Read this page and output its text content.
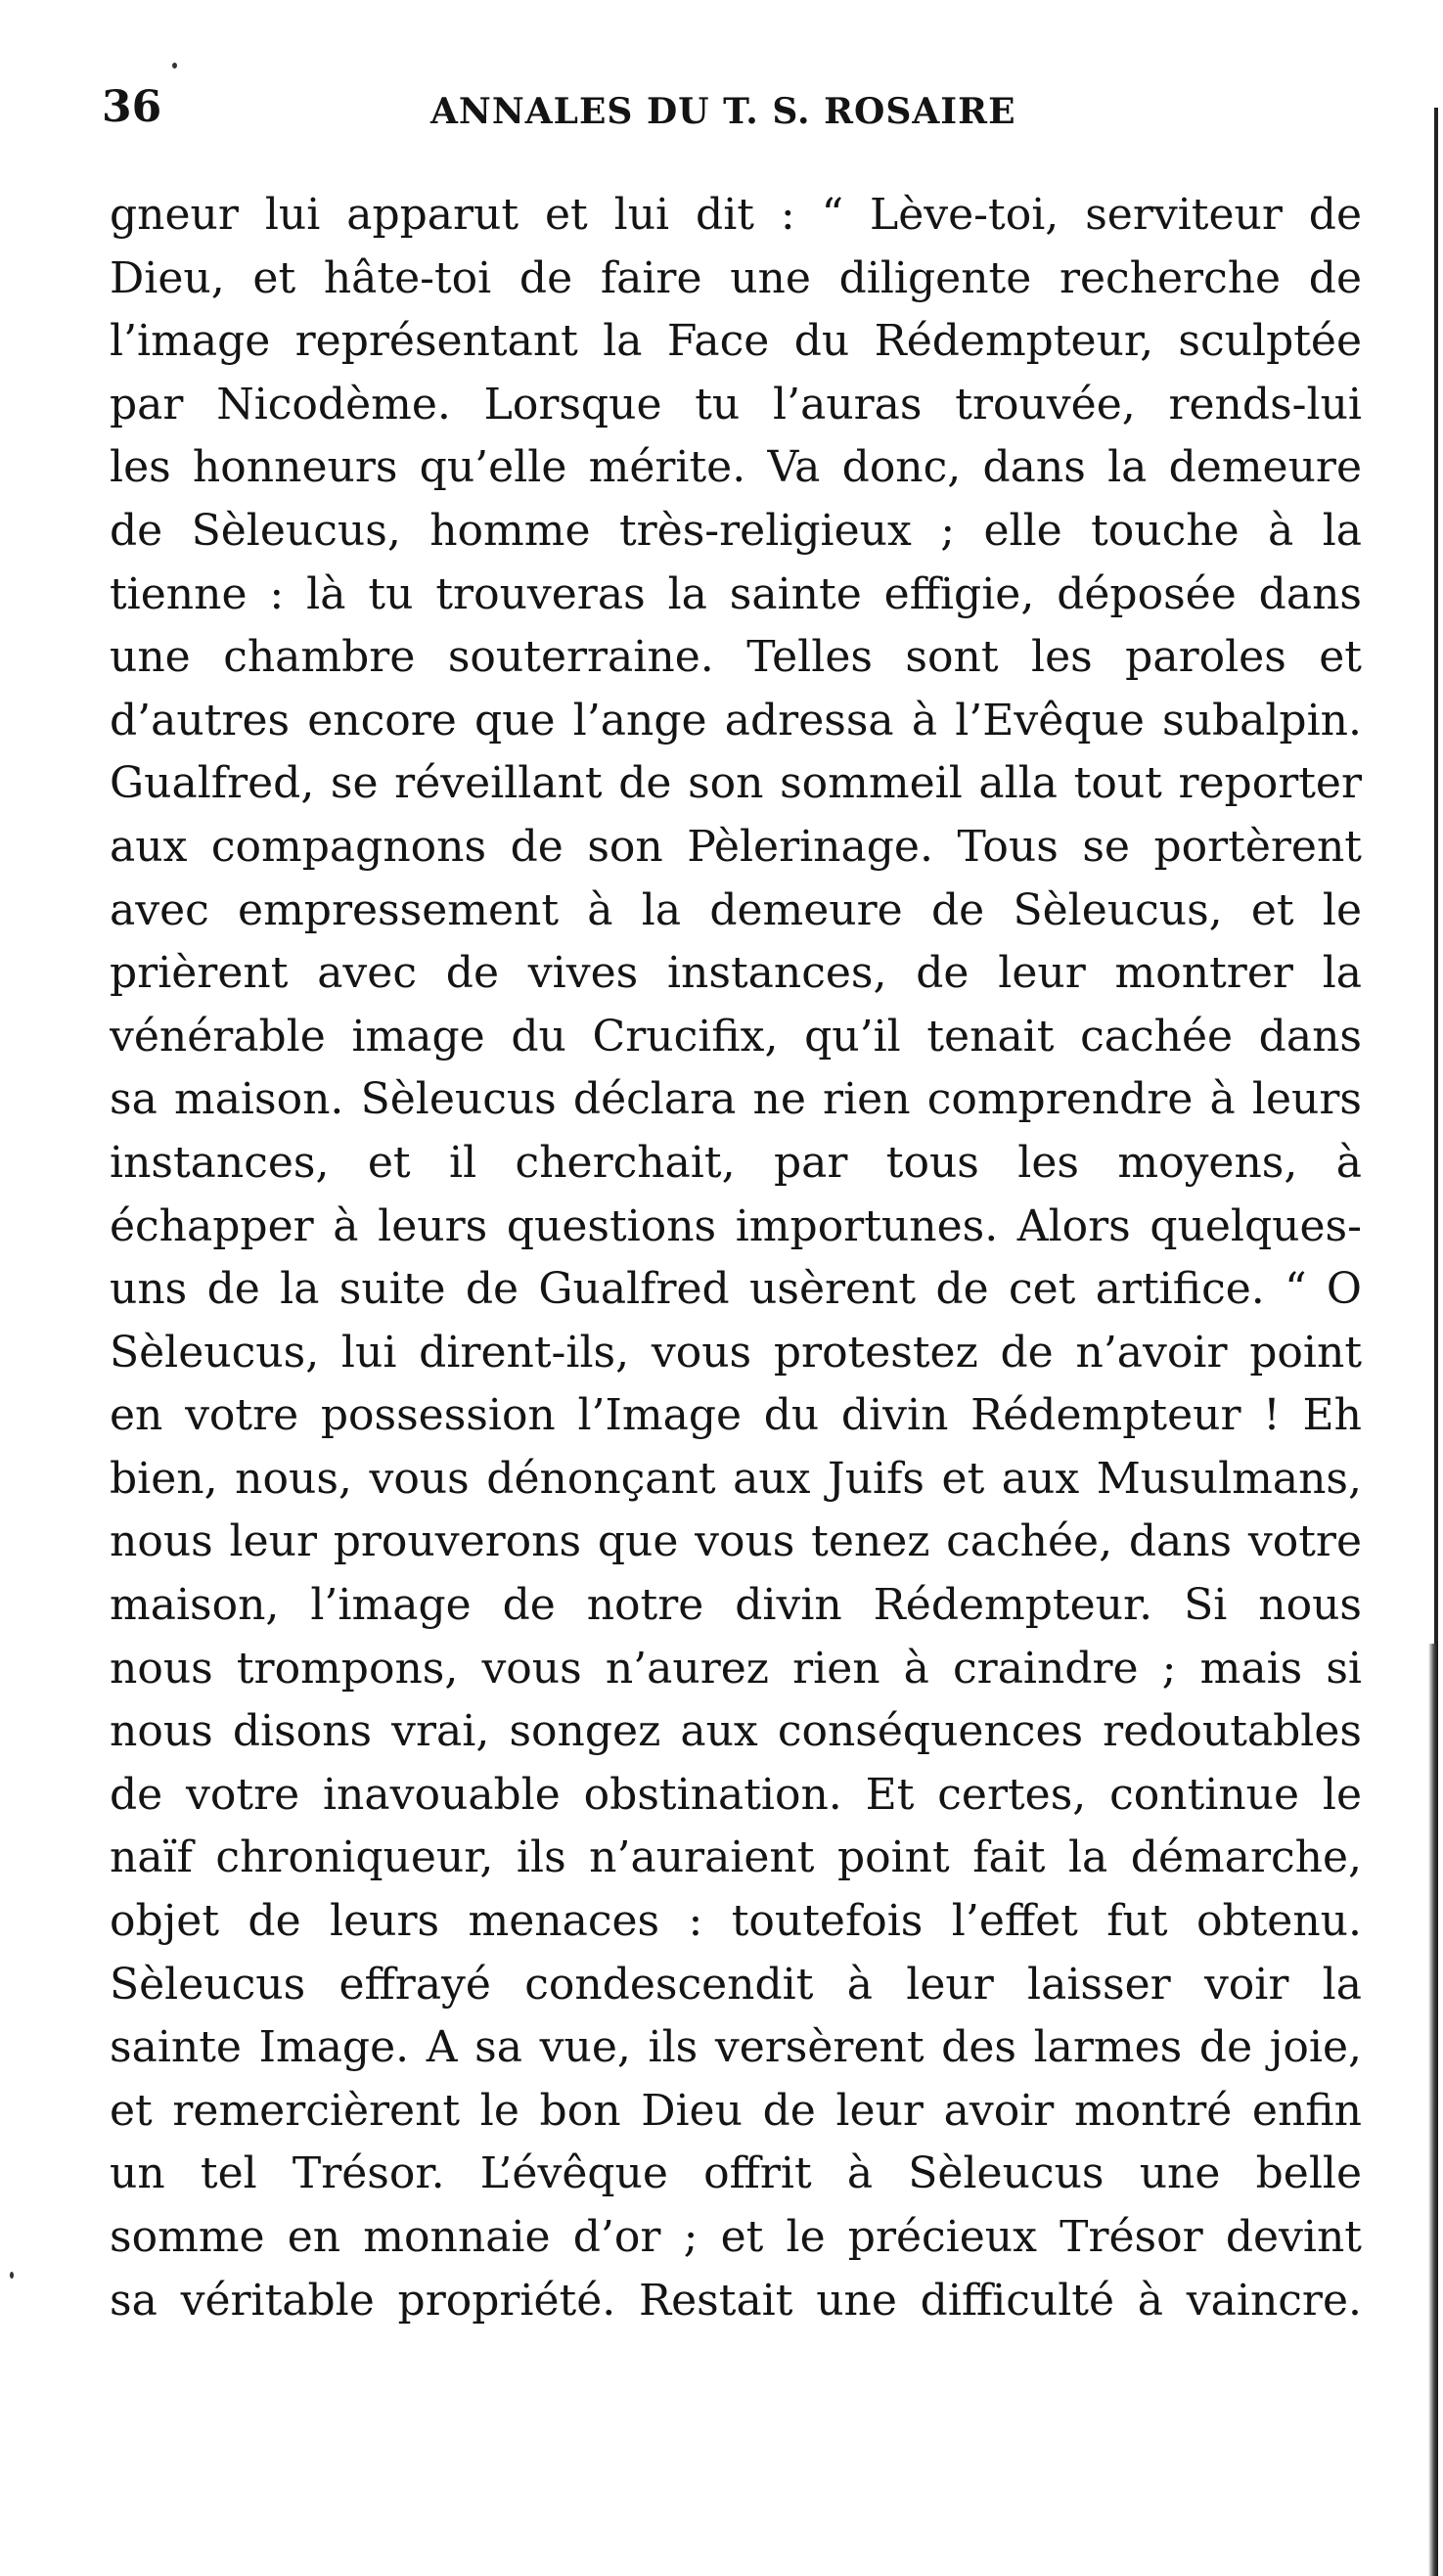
36	ANNALES DU T. S. ROSAIRE
gneur lui apparut et lui dit : “ Lève-toi, serviteur de
Dieu, et hâte-toi de faire une diligente recherche de
l’image représentant la Face du Rédempteur, sculptée
par Nicodème. Lorsque tu l’auras trouvée, rends-lui
les honneurs qu’elle mérite. Va donc, dans la demeure
de Sèleucus, homme très-religieux ; elle touche à la
tienne : là tu trouveras la sainte effigie, déposée dans
une chambre souterraine. Telles sont les paroles et
d’autres encore que l’ange adressa à l’Evêque subalpin.
Gualfred, se réveillant de son sommeil alla tout reporter
aux compagnons de son Pèlerinage. Tous se portèrent
avec empressement à la demeure de Sèleucus, et le
prièrent avec de vives instances, de leur montrer la
vénérable image du Crucifix, qu’il tenait cachée dans
sa maison. Sèleucus déclara ne rien comprendre à leurs
instances, et il cherchait, par tous les moyens, à
échapper à leurs questions importunes. Alors quelques-
uns de la suite de Gualfred usèrent de cet artifice. “ O
Sèleucus, lui dirent-ils, vous protestez de n’avoir point
en votre possession l’Image du divin Rédempteur ! Eh
bien, nous, vous dénonçant aux Juifs et aux Musulmans,
nous leur prouverons que vous tenez cachée, dans votre
maison, l’image de notre divin Rédempteur. Si nous
nous trompons, vous n’aurez rien à craindre ; mais si
nous disons vrai, songez aux conséquences redoutables
de votre inavouable obstination. Et certes, continue le
naïf chroniqueur, ils n’auraient point fait la démarche,
objet de leurs menaces : toutefois l’effet fut obtenu.
Sèleucus effrayé condescendit à leur laisser voir la
sainte Image. A sa vue, ils versèrent des larmes de joie,
et remercièrent le bon Dieu de leur avoir montré enfin
un tel Trésor. L’évêque offrit à Sèleucus une belle
somme en monnaie d’or ; et le précieux Trésor devint
sa véritable propriété. Restait une difficulté à vaincre.
